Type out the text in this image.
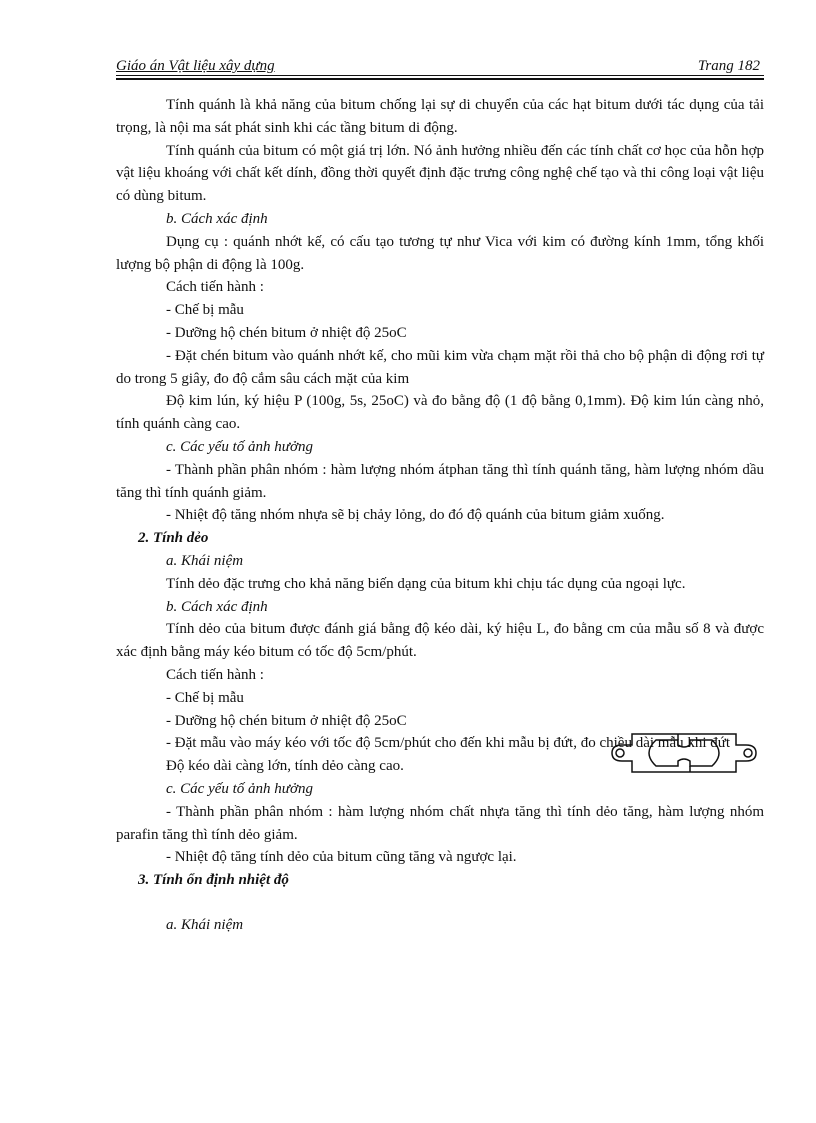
Giáo án Vật liệu xây dựng	Trang 182

Tính quánh là khả năng của bitum chống lại sự di chuyển của các hạt bitum dưới tác dụng của tải trọng, là nội ma sát phát sinh khi các tầng bitum di động.

Tính quánh của bitum có một giá trị lớn. Nó ảnh hưởng nhiều đến các tính chất cơ học của hỗn hợp vật liệu khoáng với chất kết dính, đồng thời quyết định đặc trưng công nghệ chế tạo và thi công loại vật liệu có dùng bitum.

b. Cách xác định

Dụng cụ : quánh nhớt kế, có cấu tạo tương tự như Vica với kim có đường kính 1mm, tổng khối lượng bộ phận di động là 100g.

Cách tiến hành :

- Chế bị mẫu

- Dưỡng hộ chén bitum ở nhiệt độ 25oC

- Đặt chén bitum vào quánh nhớt kế, cho mũi kim vừa chạm mặt rồi thả cho bộ phận di động rơi tự do trong 5 giây, đo độ cắm sâu cách mặt của kim

Độ kim lún, ký hiệu P (100g, 5s, 25oC) và đo bằng độ (1 độ bằng 0,1mm). Độ kim lún càng nhỏ, tính quánh càng cao.

c. Các yếu tố ảnh hưởng

- Thành phần phân nhóm : hàm lượng nhóm átphan tăng thì tính quánh tăng, hàm lượng nhóm dầu tăng thì tính quánh giảm.

- Nhiệt độ tăng nhóm nhựa sẽ bị chảy lỏng, do đó độ quánh của bitum giảm xuống.

2. Tính dẻo

a. Khái niệm

Tính dẻo đặc trưng cho khả năng biến dạng của bitum khi chịu tác dụng của ngoại lực.

b. Cách xác định

Tính dẻo của bitum được đánh giá bằng độ kéo dài, ký hiệu L, đo bằng cm của mẫu số 8 và được xác định bằng máy kéo bitum có tốc độ 5cm/phút.

Cách tiến hành :

- Chế bị mẫu

- Dưỡng hộ chén bitum ở nhiệt độ 25oC

- Đặt mẫu vào máy kéo với tốc độ 5cm/phút cho đến khi mẫu bị đứt, đo chiều dài mẫu khi đứt

Độ kéo dài càng lớn, tính dẻo càng cao.

c. Các yếu tố ảnh hưởng

- Thành phần phân nhóm : hàm lượng nhóm chất nhựa tăng thì tính dẻo tăng, hàm lượng nhóm parafin tăng thì tính dẻo giảm.

- Nhiệt độ tăng tính dẻo của bitum cũng tăng và ngược lại.

3. Tính ổn định nhiệt độ

a. Khái niệm
